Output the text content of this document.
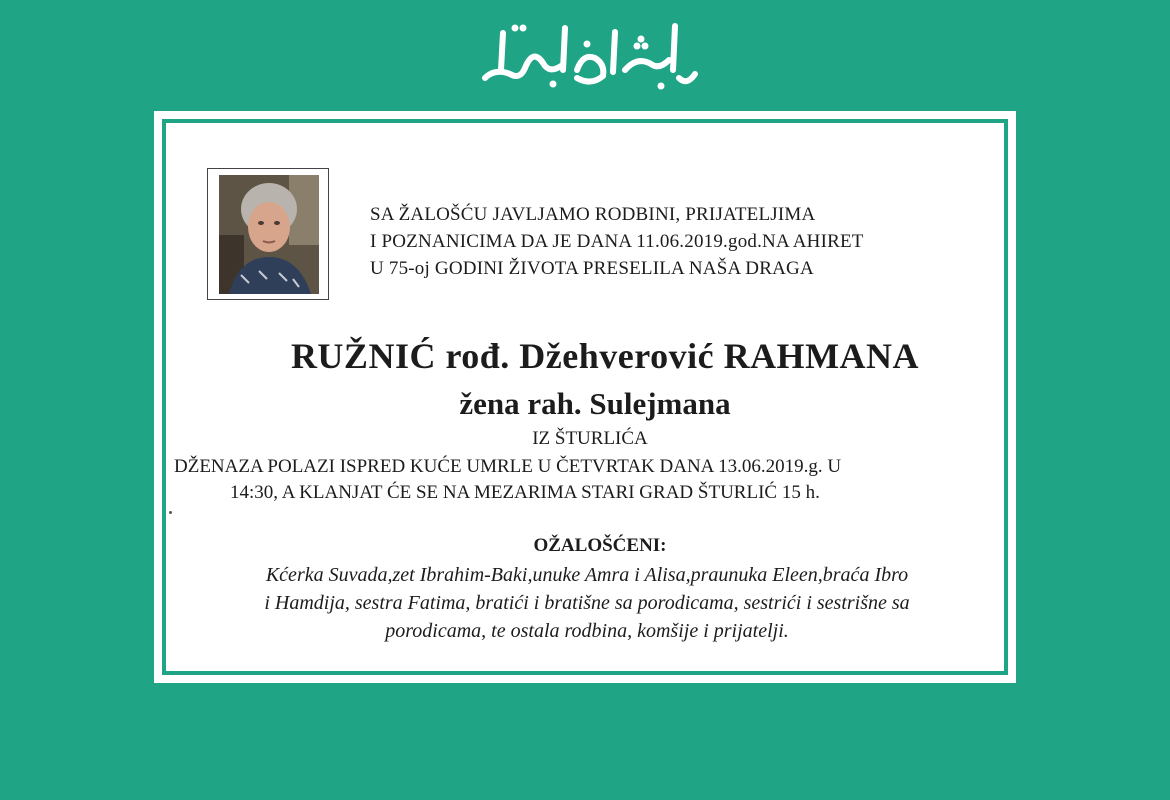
SA ŽALOŠĆU JAVLJAMO RODBINI, PRIJATELJIMA
I POZNANICIMA DA JE DANA 11.06.2019.god.NA AHIRET
U 75-oj GODINI ŽIVOTA PRESELILA NAŠA DRAGA
RUŽNIĆ rođ. Džehverović RAHMANA
žena rah. Sulejmana
IZ ŠTURLIĆA
DŽENAZA POLAZI ISPRED KUĆE UMRLE U ČETVRTAK DANA 13.06.2019.g. U
14:30, A KLANJAT ĆE SE NA MEZARIMA STARI GRAD ŠTURLIĆ 15 h.
OŽALOŠĆENI:
Kćerka Suvada,zet Ibrahim-Baki,unuke Amra i Alisa,praunuka Eleen,braća Ibro
i Hamdija, sestra Fatima, bratići i bratišne sa porodicama, sestrići i sestrišne sa
porodicama, te ostala rodbina, komšije i prijatelji.
